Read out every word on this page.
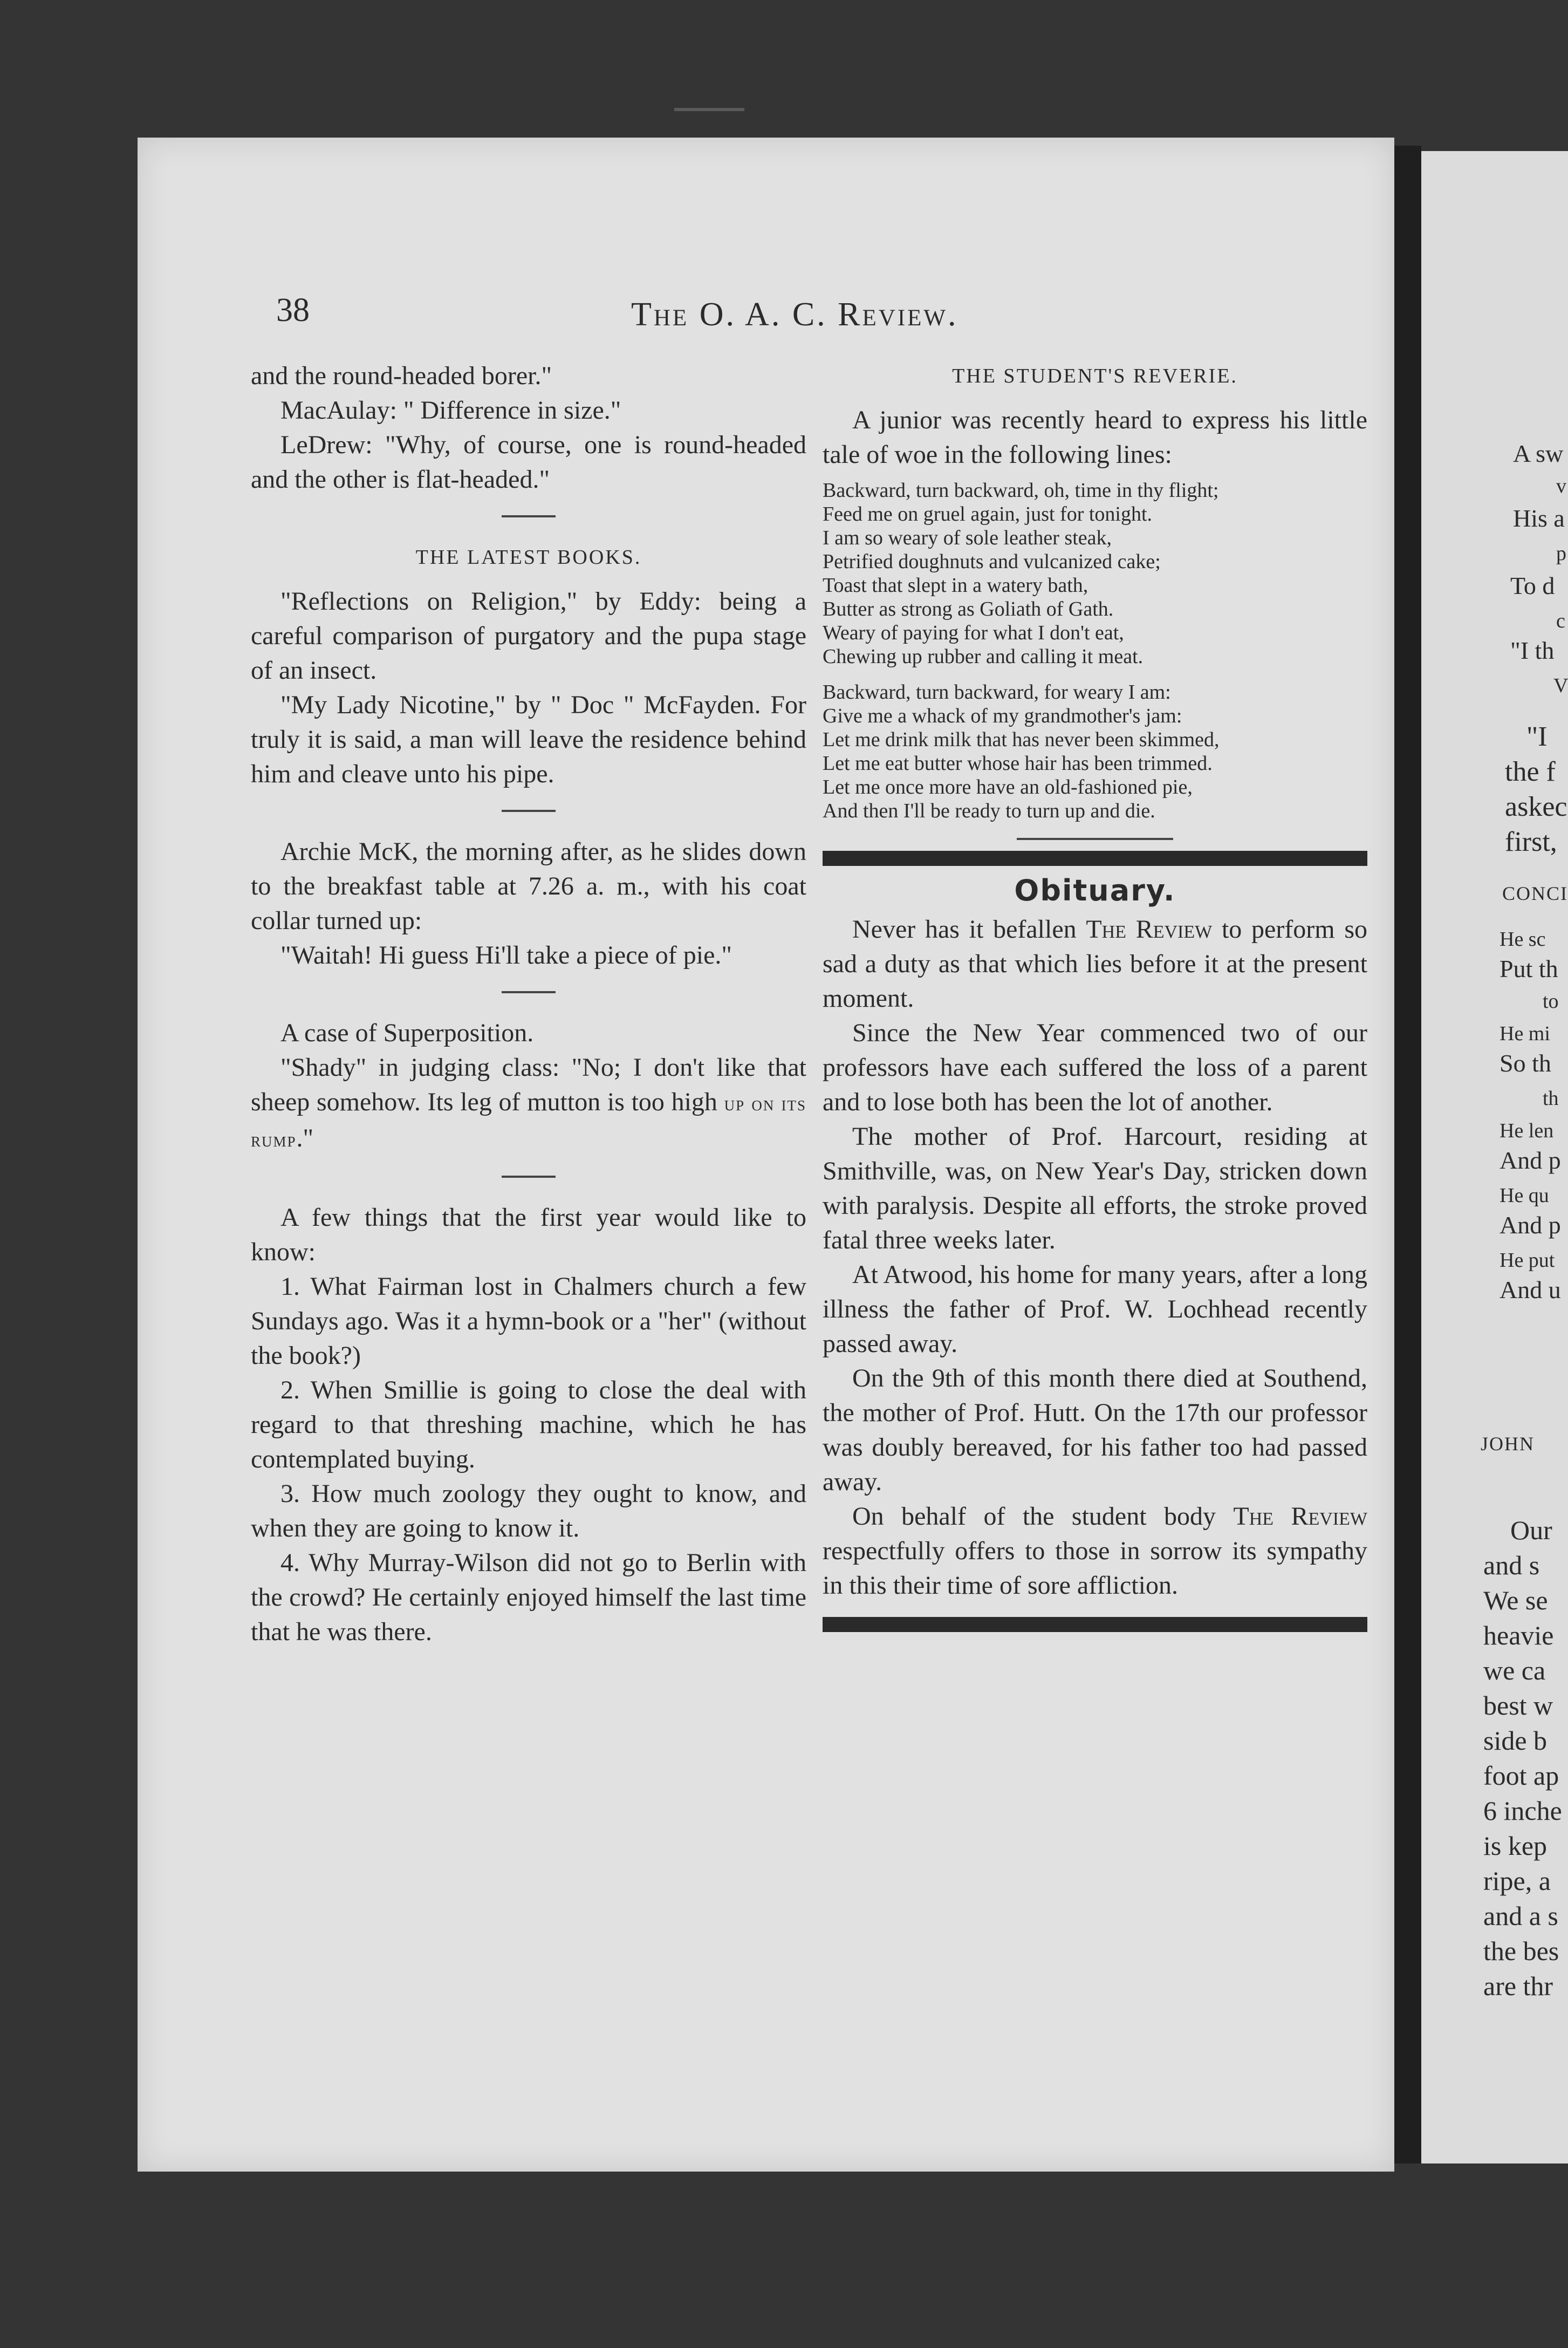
A sw
v
His a
p
To d
c
"I th
V
"I
the f
askec
first,
CONCI
He sc
Put th
to
He mi
So th
th
He len
And p
He qu
And p
He put
And u
JOHN
Our
and s
We se
heavie
we ca
best w
side b
foot ap
6 inche
is kep
ripe, a
and a s
the bes
are thr
38	The O. A. C. Review.

and the round-headed borer."

MacAulay: " Difference in size."

LeDrew: "Why, of course, one is round-headed and the other is flat-headed."

THE LATEST BOOKS.

"Reflections on Religion," by Eddy: being a careful comparison of purgatory and the pupa stage of an insect.

"My Lady Nicotine," by " Doc " McFayden. For truly it is said, a man will leave the residence behind him and cleave unto his pipe.

Archie McK, the morning after, as he slides down to the breakfast table at 7.26 a. m., with his coat collar turned up:

"Waitah! Hi guess Hi'll take a piece of pie."

A case of Superposition.

"Shady" in judging class: "No; I don't like that sheep somehow. Its leg of mutton is too high up on its rump."

A few things that the first year would like to know:

1. What Fairman lost in Chalmers church a few Sundays ago. Was it a hymn-book or a "her" (without the book?)

2. When Smillie is going to close the deal with regard to that threshing machine, which he has contemplated buying.

3. How much zoology they ought to know, and when they are going to know it.

4. Why Murray-Wilson did not go to Berlin with the crowd? He certainly enjoyed himself the last time that he was there.

THE STUDENT'S REVERIE.

A junior was recently heard to express his little tale of woe in the following lines:

Backward, turn backward, oh, time in thy flight;

Feed me on gruel again, just for tonight.

I am so weary of sole leather steak,

Petrified doughnuts and vulcanized cake;

Toast that slept in a watery bath,

Butter as strong as Goliath of Gath.

Weary of paying for what I don't eat,

Chewing up rubber and calling it meat.

Backward, turn backward, for weary I am:

Give me a whack of my grandmother's jam:

Let me drink milk that has never been skimmed,

Let me eat butter whose hair has been trimmed.

Let me once more have an old-fashioned pie,

And then I'll be ready to turn up and die.

Obituary.

Never has it befallen The Review to perform so sad a duty as that which lies before it at the present moment.

Since the New Year commenced two of our professors have each suffered the loss of a parent and to lose both has been the lot of another.

The mother of Prof. Harcourt, residing at Smithville, was, on New Year's Day, stricken down with paralysis. Despite all efforts, the stroke proved fatal three weeks later.

At Atwood, his home for many years, after a long illness the father of Prof. W. Lochhead recently passed away.

On the 9th of this month there died at Southend, the mother of Prof. Hutt. On the 17th our professor was doubly bereaved, for his father too had passed away.

On behalf of the student body The Review respectfully offers to those in sorrow its sympathy in this their time of sore affliction.
